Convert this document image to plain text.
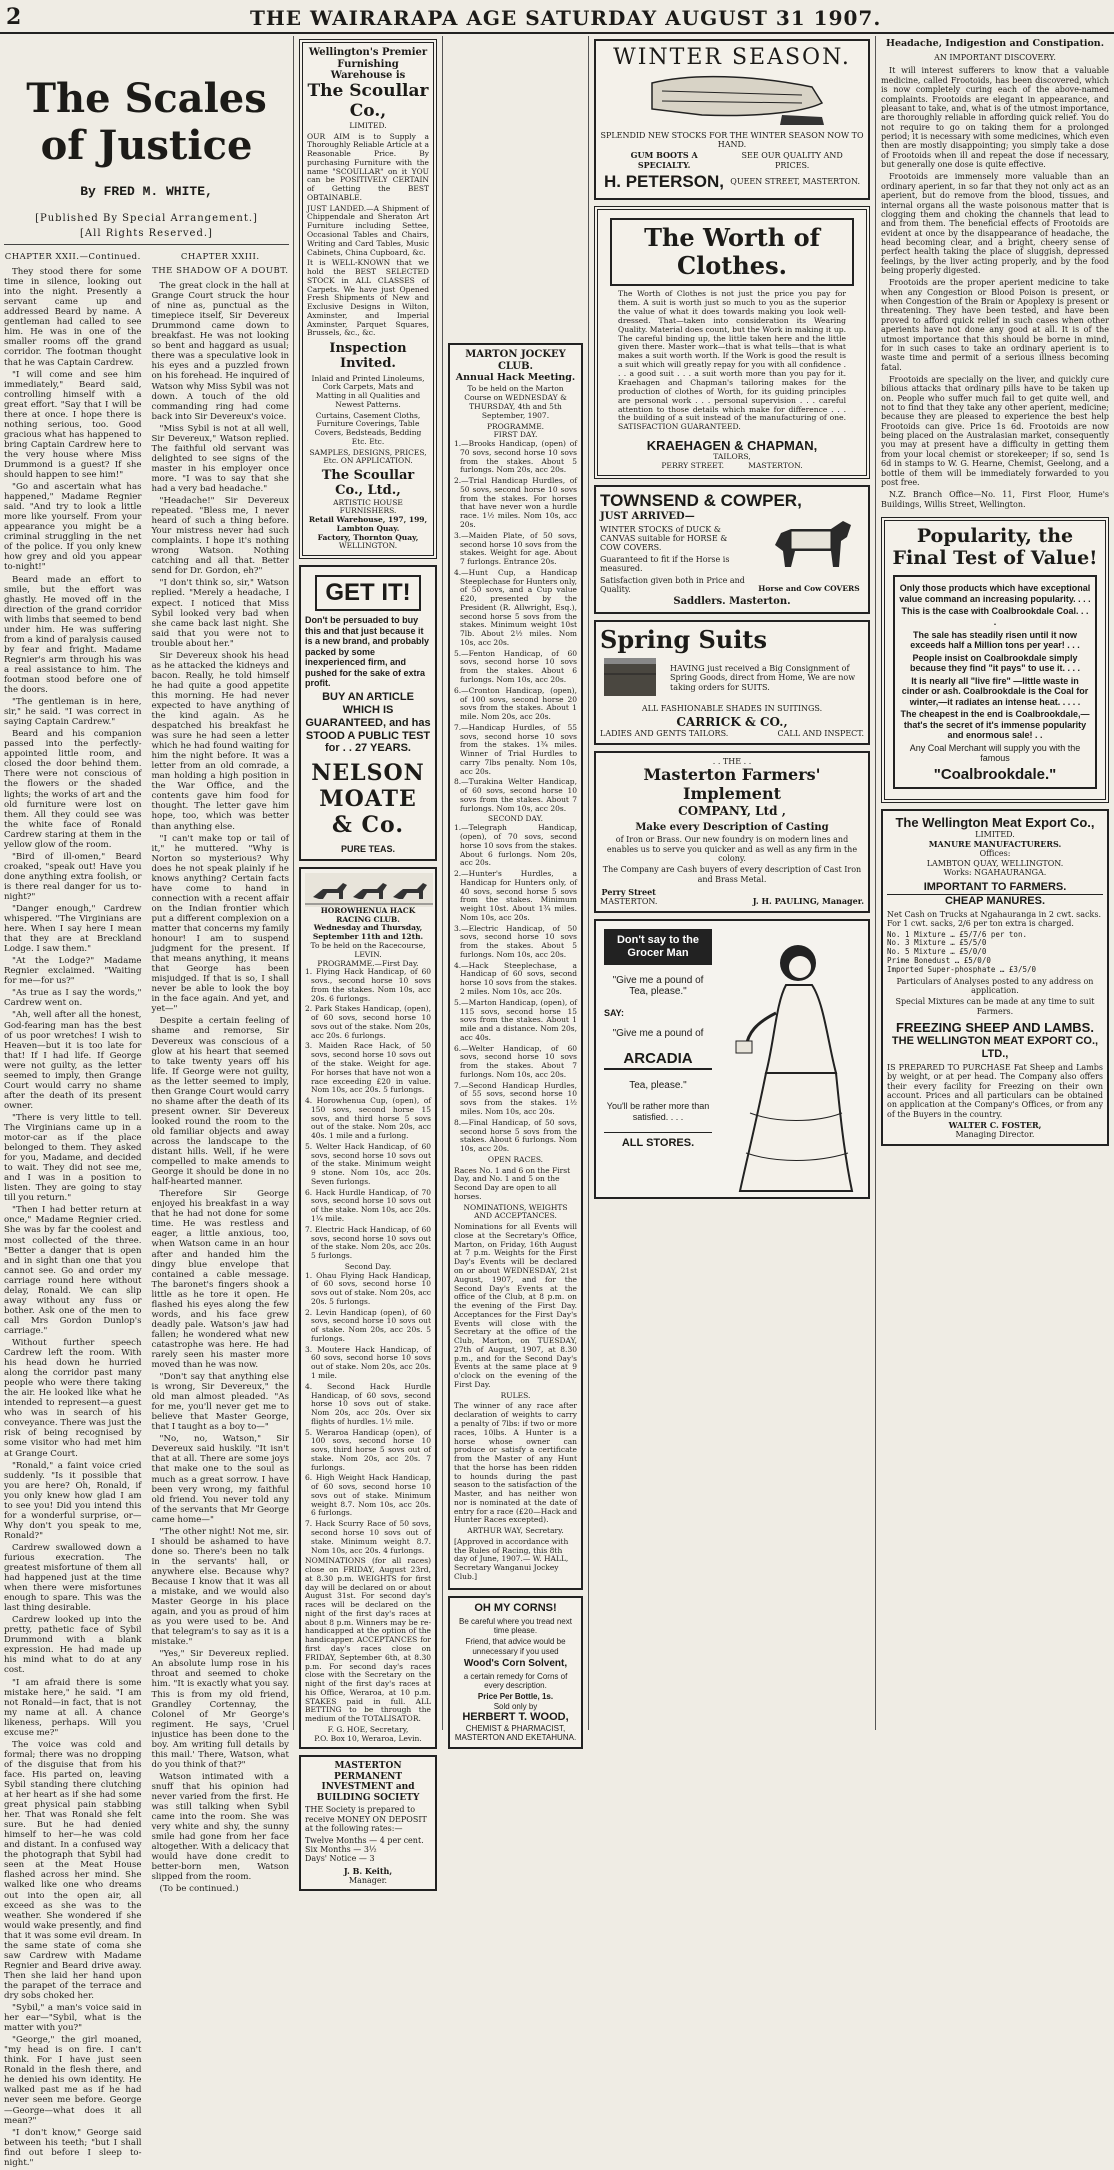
2	THE WAIRARAPA AGE SATURDAY AUGUST 31 1907.
The Scales of Justice
By FRED M. WHITE,
[Published By Special Arrangement.]
[All Rights Reserved.]
CHAPTER XXII.—Continued.

They stood there for some time in silence, looking out into the night. Presently a servant came up and addressed Beard by name. A gentleman had called to see him. He was in one of the smaller rooms off the grand corridor. The footman thought that he was Captain Cardrew.

"I will come and see him immediately," Beard said, controlling himself with a great effort. "Say that I will be there at once. I hope there is nothing serious, too. Good gracious what has happened to bring Captain Cardrew here to the very house where Miss Drummond is a guest? If she should happen to see him!"

"Go and ascertain what has happened," Madame Regnier said. "And try to look a little more like yourself. From your appearance you might be a criminal struggling in the net of the police. If you only knew how grey and old you appear to-night!"

Beard made an effort to smile, but the effort was ghastly. He moved off in the direction of the grand corridor with limbs that seemed to bend under him. He was suffering from a kind of paralysis caused by fear and fright. Madame Regnier's arm through his was a real assistance to him. The footman stood before one of the doors.

"The gentleman is in here, sir," he said. "I was correct in saying Captain Cardrew."

Beard and his companion passed into the perfectly-appointed little room, and closed the door behind them. There were not conscious of the flowers or the shaded lights; the works of art and the old furniture were lost on them. All they could see was the white face of Ronald Cardrew staring at them in the yellow glow of the room.

"Bird of ill-omen," Beard croaked, "speak out! Have you done anything extra foolish, or is there real danger for us to-night?"

"Danger enough," Cardrew whispered. "The Virginians are here. When I say here I mean that they are at Breckland Lodge. I saw them."

"At the Lodge?" Madame Regnier exclaimed. "Waiting for me—for us?"

"As true as I say the words," Cardrew went on.

"Ah, well after all the honest, God-fearing man has the best of us poor wretches! I wish to Heaven—but it is too late for that! If I had life. If George were not guilty, as the letter seemed to imply, then Grange Court would carry no shame after the death of its present owner.

"There is very little to tell. The Virginians came up in a motor-car as if the place belonged to them. They asked for you, Madame, and decided to wait. They did not see me, and I was in a position to listen. They are going to stay till you return."

"Then I had better return at once," Madame Regnier cried. She was by far the coolest and most collected of the three. "Better a danger that is open and in sight than one that you cannot see. Go and order my carriage round here without delay, Ronald. We can slip away without any fuss or bother. Ask one of the men to call Mrs Gordon Dunlop's carriage."

Without further speech Cardrew left the room. With his head down he hurried along the corridor past many people who were there taking the air. He looked like what he intended to represent—a guest who was in search of his conveyance. There was just the risk of being recognised by some visitor who had met him at Grange Court.

"Ronald," a faint voice cried suddenly. "Is it possible that you are here? Oh, Ronald, if you only knew how glad I am to see you! Did you intend this for a wonderful surprise, or—Why don't you speak to me, Ronald?"

Cardrew swallowed down a furious execration. The greatest misfortune of them all had happened just at the time when there were misfortunes enough to spare. This was the last thing desirable.

Cardrew looked up into the pretty, pathetic face of Sybil Drummond with a blank expression. He had made up his mind what to do at any cost.

"I am afraid there is some mistake here," he said. "I am not Ronald—in fact, that is not my name at all. A chance likeness, perhaps. Will you excuse me?"

The voice was cold and formal; there was no dropping of the disguise that from his face. His parted on, leaving Sybil standing there clutching at her heart as if she had some great physical pain stabbing her. That was Ronald she felt sure. But he had denied himself to her—he was cold and distant. In a confused way the photograph that Sybil had seen at the Meat House flashed across her mind. She walked like one who dreams out into the open air, all exceed as she was to the weather. She wondered if she would wake presently, and find that it was some evil dream. In the same state of coma she saw Cardrew with Madame Regnier and Beard drive away. Then she laid her hand upon the parapet of the terrace and dry sobs choked her.

"Sybil," a man's voice said in her ear—"Sybil, what is the matter with you?"

"George," the girl moaned, "my head is on fire. I can't think. For I have just seen Ronald in the flesh there, and he denied his own identity. He walked past me as if he had never seen me before. George —George—what does it all mean?"

"I don't know," George said between his teeth; "but I shall find out before I sleep to-night."

CHAPTER XXIII.
THE SHADOW OF A DOUBT.

The great clock in the hall at Grange Court struck the hour of nine as, punctual as the timepiece itself, Sir Devereux Drummond came down to breakfast. He was not looking so bent and haggard as usual; there was a speculative look in his eyes and a puzzled frown on his forehead. He inquired of Watson why Miss Sybil was not down. A touch of the old commanding ring had come back into Sir Devereux's voice.

"Miss Sybil is not at all well, Sir Devereux," Watson replied. The faithful old servant was delighted to see signs of the master in his employer once more. "I was to say that she had a very bad headache."

"Headache!" Sir Devereux repeated. "Bless me, I never heard of such a thing before. Your mistress never had such complaints. I hope it's nothing wrong Watson. Nothing catching and all that. Better send for Dr. Gordon, eh?"

"I don't think so, sir," Watson replied. "Merely a headache, I expect. I noticed that Miss Sybil looked very bad when she came back last night. She said that you were not to trouble about her."

Sir Devereux shook his head as he attacked the kidneys and bacon. Really, he told himself he had quite a good appetite this morning. He had never expected to have anything of the kind again. As he despatched his breakfast he was sure he had seen a letter which he had found waiting for him the night before. It was a letter from an old comrade, a man holding a high position in the War Office, and the contents gave him food for thought. The letter gave him hope, too, which was better than anything else.

"I can't make top or tail of it," he muttered. "Why is Norton so mysterious? Why does he not speak plainly if he knows anything? Certain facts have come to hand in connection with a recent affair on the Indian frontier which put a different complexion on a matter that concerns my family honour! I am to suspend judgment for the present. If that means anything, it means that George has been misjudged. If that is so, I shall never be able to look the boy in the face again. And yet, and yet—"

Despite a certain feeling of shame and remorse, Sir Devereux was conscious of a glow at his heart that seemed to take twenty years off his life. If George were not guilty, as the letter seemed to imply, then Grange Court would carry no shame after the death of its present owner. Sir Devereux looked round the room to the old familiar objects and away across the landscape to the distant hills. Well, if he were compelled to make amends to George it should be done in no half-hearted manner.

Therefore Sir George enjoyed his breakfast in a way that he had not done for some time. He was restless and eager, a little anxious, too, when Watson came in an hour after and handed him the dingy blue envelope that contained a cable message. The baronet's fingers shook a little as he tore it open. He flashed his eyes along the few words, and his face grew deadly pale. Watson's jaw had fallen; he wondered what new catastrophe was here. He had rarely seen his master more moved than he was now.

"Don't say that anything else is wrong, Sir Devereux," the old man almost pleaded. "As for me, you'll never get me to believe that Master George, that I taught as a boy to—"

"No, no, Watson," Sir Devereux said huskily. "It isn't that at all. There are some joys that make one to the soul as much as a great sorrow. I have been very wrong, my faithful old friend. You never told any of the servants that Mr George came home—"

"The other night! Not me, sir. I should be ashamed to have done so. There's been no talk in the servants' hall, or anywhere else. Because why? Because I know that it was all a mistake, and we would also Master George in his place again, and you as proud of him as you were used to be. And that telegram's to say as it is a mistake."

"Yes," Sir Devereux replied. An absolute lump rose in his throat and seemed to choke him. "It is exactly what you say. This is from my old friend, Grandley Cortennay, the Colonel of Mr George's regiment. He says, 'Cruel injustice has been done to the boy. Am writing full details by this mail.' There, Watson, what do you think of that?"

Watson intimated with a snuff that his opinion had never varied from the first. He was still talking when Sybil came into the room. She was very white and shy, the sunny smile had gone from her face altogether. With a delicacy that would have done credit to better-born men, Watson slipped from the room.

(To be continued.)

Wellington's Premier Furnishing Warehouse is
The Scoullar Co.,
LIMITED.

OUR AIM is to Supply a Thoroughly Reliable Article at a Reasonable Price. By purchasing Furniture with the name "SCOULLAR" on it YOU can be POSITIVELY CERTAIN of Getting the BEST OBTAINABLE.

JUST LANDED.—A Shipment of Chippendale and Sheraton Art Furniture including Settee, Occasional Tables and Chairs, Writing and Card Tables, Music Cabinets, China Cupboard, &c.

It is WELL-KNOWN that we hold the BEST SELECTED STOCK in ALL CLASSES of Carpets. We have just Opened Fresh Shipments of New and Exclusive Designs in Wilton, Axminster, and Imperial Axminster, Parquet Squares, Brussels, &c., &c.

Inspection Invited.

Inlaid and Printed Linoleums, Cork Carpets, Mats and Matting in all Qualities and Newest Patterns.

Curtains, Casement Cloths, Furniture Coverings, Table Covers, Bedsteads, Bedding Etc. Etc.

SAMPLES, DESIGNS, PRICES, Etc. ON APPLICATION.

The Scoullar Co., Ltd.,
ARTISTIC HOUSE FURNISHERS.
Retail Warehouse, 197, 199, Lambton Quay.
Factory, Thornton Quay,
WELLINGTON.
GET IT!

Don't be persuaded to buy this and that just because it is a new brand, and probably packed by some inexperienced firm, and pushed for the sake of extra profit.

BUY AN ARTICLE WHICH IS GUARANTEED, and has STOOD A PUBLIC TEST for . . 27 YEARS.

NELSON MOATE & Co.
PURE TEAS.
HOROWHENUA HACK RACING CLUB.
Wednesday and Thursday, September 11th and 12th.
To be held on the Racecourse, LEVIN.
PROGRAMME.—First Day.

1. Flying Hack Handicap, of 60 sovs., second horse 10 sovs from the stakes. Nom 10s, acc 20s. 6 furlongs.

2. Park Stakes Handicap, (open), of 60 sovs, second horse 10 sovs out of the stake. Nom 20s, acc 20s. 6 furlongs.

3. Maiden Race Hack, of 50 sovs, second horse 10 sovs out of the stake. Weight for age. For horses that have not won a race exceeding £20 in value. Nom 10s, acc 20s. 5 furlongs.

4. Horowhenua Cup, (open), of 150 sovs, second horse 15 sovs, and third horse 5 sovs out of the stake. Nom 20s, acc 40s. 1 mile and a furlong.

5. Welter Hack Handicap, of 60 sovs, second horse 10 sovs out of the stake. Minimum weight 9 stone. Nom 10s, acc 20s. Seven furlongs.

6. Hack Hurdle Handicap, of 70 sovs, second horse 10 sovs out of the stake. Nom 10s, acc 20s. 1¼ mile.

7. Electric Hack Handicap, of 60 sovs, second horse 10 sovs out of the stake. Nom 20s, acc 20s. 5 furlongs.

Second Day.

1. Ohau Flying Hack Handicap, of 60 sovs, second horse 10 sovs out of stake. Nom 20s, acc 20s. 5 furlongs.

2. Levin Handicap (open), of 60 sovs, second horse 10 sovs out of stake. Nom 20s, acc 20s. 5 furlongs.

3. Moutere Hack Handicap, of 60 sovs, second horse 10 sovs out of stake. Nom 20s, acc 20s. 1 mile.

4. Second Hack Hurdle Handicap, of 60 sovs, second horse 10 sovs out of stake. Nom 20s, acc 20s. Over six flights of hurdles. 1½ mile.

5. Weraroa Handicap (open), of 100 sovs, second horse 10 sovs, third horse 5 sovs out of stake. Nom 20s, acc 20s. 7 furlongs.

6. High Weight Hack Handicap, of 60 sovs, second horse 10 sovs out of stake. Minimum weight 8.7. Nom 10s, acc 20s. 6 furlongs.

7. Hack Scurry Race of 50 sovs, second horse 10 sovs out of stake. Minimum weight 8.7. Nom 10s, acc 20s. 4 furlongs.

NOMINATIONS (for all races) close on FRIDAY, August 23rd, at 8.30 p.m. WEIGHTS for first day will be declared on or about August 31st. For second day's races will be declared on the night of the first day's races at about 8 p.m. Winners may be re-handicapped at the option of the handicapper. ACCEPTANCES for first day's races close on FRIDAY, September 6th, at 8.30 p.m. For second day's races close with the Secretary on the night of the first day's races at his Office, Weraroa, at 10 p.m. STAKES paid in full. ALL BETTING to be through the medium of the TOTALISATOR.

F. G. HOE, Secretary,
P.O. Box 10, Weraroa, Levin.
MASTERTON PERMANENT INVESTMENT and BUILDING SOCIETY

THE Society is prepared to receive MONEY ON DEPOSIT at the following rates:—

Twelve Months — 4 per cent.
Six Months — 3½
Days' Notice — 3
J. B. Keith,
Manager.
MARTON JOCKEY CLUB.
Annual Hack Meeting.

To be held on the Marton Course on WEDNESDAY & THURSDAY, 4th and 5th September, 1907.

PROGRAMME.
FIRST DAY.

1.—Brooks Handicap, (open) of 70 sovs, second horse 10 sovs from the stakes. About 5 furlongs. Nom 20s, acc 20s.

2.—Trial Handicap Hurdles, of 50 sovs, second horse 10 sovs from the stakes. For horses that have never won a hurdle race. 1½ miles. Nom 10s, acc 20s.

3.—Maiden Plate, of 50 sovs, second horse 10 sovs from the stakes. Weight for age. About 7 furlongs. Entrance 20s.

4.—Hunt Cup, a Handicap Steeplechase for Hunters only, of 50 sovs, and a Cup value £20, presented by the President (R. Allwright, Esq.), second horse 5 sovs from the stakes. Minimum weight 10st 7lb. About 2½ miles. Nom 10s, acc 20s.

5.—Fenton Handicap, of 60 sovs, second horse 10 sovs from the stakes. About 6 furlongs. Nom 10s, acc 20s.

6.—Cronton Handicap, (open), of 100 sovs, second horse 20 sovs from the stakes. About 1 mile. Nom 20s, acc 20s.

7.—Handicap Hurdles, of 55 sovs, second horse 10 sovs from the stakes. 1¾ miles. Winner of Trial Hurdles to carry 7lbs penalty. Nom 10s, acc 20s.

8.—Turakina Welter Handicap, of 60 sovs, second horse 10 sovs from the stakes. About 7 furlongs. Nom 10s, acc 20s.

SECOND DAY.

1.—Telegraph Handicap, (open), of 70 sovs, second horse 10 sovs from the stakes. About 6 furlongs. Nom 20s, acc 20s.

2.—Hunter's Hurdles, a Handicap for Hunters only, of 40 sovs, second horse 5 sovs from the stakes. Minimum weight 10st. About 1¾ miles. Nom 10s, acc 20s.

3.—Electric Handicap, of 50 sovs, second horse 10 sovs from the stakes. About 5 furlongs. Nom 10s, acc 20s.

4.—Hack Steeplechase, a Handicap of 60 sovs, second horse 10 sovs from the stakes. 2 miles. Nom 10s, acc 20s.

5.—Marton Handicap, (open), of 115 sovs, second horse 15 sovs from the stakes. About 1 mile and a distance. Nom 20s, acc 40s.

6.—Welter Handicap, of 60 sovs, second horse 10 sovs from the stakes. About 7 furlongs. Nom 10s, acc 20s.

7.—Second Handicap Hurdles, of 55 sovs, second horse 10 sovs from the stakes. 1½ miles. Nom 10s, acc 20s.

8.—Final Handicap, of 50 sovs, second horse 5 sovs from the stakes. About 6 furlongs. Nom 10s, acc 20s.

OPEN RACES.

Races No. 1 and 6 on the First Day, and No. 1 and 5 on the Second Day are open to all horses.

NOMINATIONS, WEIGHTS AND ACCEPTANCES.

Nominations for all Events will close at the Secretary's Office, Marton, on Friday, 16th August at 7 p.m. Weights for the First Day's Events will be declared on or about WEDNESDAY, 21st August, 1907, and for the Second Day's Events at the office of the Club, at 8 p.m. on the evening of the First Day. Acceptances for the First Day's Events will close with the Secretary at the office of the Club, Marton, on TUESDAY, 27th of August, 1907, at 8.30 p.m., and for the Second Day's Events at the same place at 9 o'clock on the evening of the First Day.

RULES.

The winner of any race after declaration of weights to carry a penalty of 7lbs: if two or more races, 10lbs. A Hunter is a horse whose owner can produce or satisfy a certificate from the Master of any Hunt that the horse has been ridden to hounds during the past season to the satisfaction of the Master, and has neither won nor is nominated at the date of entry for a race (£20—Hack and Hunter Races excepted).

ARTHUR WAY, Secretary.

[Approved in accordance with the Rules of Racing, this 8th day of June, 1907.— W. HALL, Secretary Wanganui Jockey Club.]

OH MY CORNS!

Be careful where you tread next time please.

Friend, that advice would be unnecessary if you used

Wood's Corn Solvent,

a certain remedy for Corns of every description.

Price Per Bottle, 1s.
Sold only by
HERBERT T. WOOD,
CHEMIST & PHARMACIST,
MASTERTON AND EKETAHUNA.
WINTER SEASON.

SPLENDID NEW STOCKS FOR THE WINTER SEASON NOW TO HAND.

GUM BOOTS A SPECIALTY.
SEE OUR QUALITY AND PRICES.
H. PETERSON, QUEEN STREET, MASTERTON.
The Worth of Clothes.

The Worth of Clothes is not just the price you pay for them. A suit is worth just so much to you as the superior the value of what it does towards making you look well-dressed. That—taken into consideration its Wearing Quality. Material does count, but the Work in making it up. The careful binding up, the little taken here and the little given there. Master work—that is what tells—that is what makes a suit worth worth. If the Work is good the result is a suit which will greatly repay for you with all confidence . . . a good suit . . . a suit worth more than you pay for it. Kraehagen and Chapman's tailoring makes for the production of clothes of Worth, for its guiding principles are personal work . . . personal supervision . . . careful attention to those details which make for difference . . . the building of a suit instead of the manufacturing of one. SATISFACTION GUARANTEED.

KRAEHAGEN & CHAPMAN,
TAILORS,
PERRY STREET.          MASTERTON.
TOWNSEND & COWPER,
JUST ARRIVED—

WINTER STOCKS of DUCK & CANVAS suitable for HORSE & COW COVERS.

Guaranteed to fit if the Horse is measured.

Satisfaction given both in Price and Quality.	Horse and Cow COVERS
Saddlers. Masterton.
Spring Suits

HAVING just received a Big Consignment of Spring Goods, direct from Home, We are now taking orders for SUITS.

ALL FASHIONABLE SHADES IN SUITINGS.

CARRICK & CO.,
LADIES AND GENTS TAILORS.	CALL AND INSPECT.
. . THE . .
Masterton Farmers' Implement
COMPANY, Ltd ,
Make every Description of Casting

of Iron or Brass. Our new foundry is on modern lines and enables us to serve you quicker and as well as any firm in the colony.

The Company are Cash buyers of every description of Cast Iron and Brass Metal.

Perry Street
MASTERTON.	J. H. PAULING, Manager.
Don't say to the Grocer Man

"Give me a pound of Tea, please."

SAY:

"Give me a pound of

ARCADIA

Tea, please."

You'll be rather more than satisfied. . . .

ALL STORES.
Headache, Indigestion and Constipation.
AN IMPORTANT DISCOVERY.

It will interest sufferers to know that a valuable medicine, called Frootoids, has been discovered, which is now completely curing each of the above-named complaints. Frootoids are elegant in appearance, and pleasant to take, and, what is of the utmost importance, are thoroughly reliable in affording quick relief. You do not require to go on taking them for a prolonged period; it is necessary with some medicines, which even then are mostly disappointing; you simply take a dose of Frootoids when ill and repeat the dose if necessary, but generally one dose is quite effective.

Frootoids are immensely more valuable than an ordinary aperient, in so far that they not only act as an aperient, but do remove from the blood, tissues, and internal organs all the waste poisonous matter that is clogging them and choking the channels that lead to and from them. The beneficial effects of Frootoids are evident at once by the disappearance of headache, the head becoming clear, and a bright, cheery sense of perfect health taking the place of sluggish, depressed feelings, by the liver acting properly, and by the food being properly digested.

Frootoids are the proper aperient medicine to take when any Congestion or Blood Poison is present, or when Congestion of the Brain or Apoplexy is present or threatening. They have been tested, and have been proved to afford quick relief in such cases when other aperients have not done any good at all. It is of the utmost importance that this should be borne in mind, for in such cases to take an ordinary aperient is to waste time and permit of a serious illness becoming fatal.

Frootoids are specially on the liver, and quickly cure bilious attacks that ordinary pills have to be taken up on. People who suffer much fail to get quite well, and not to find that they take any other aperient, medicine; because they are pleased to experience the best help Frootoids can give. Price 1s 6d. Frootoids are now being placed on the Australasian market, consequently you may at present have a difficulty in getting them from your local chemist or storekeeper; if so, send 1s 6d in stamps to W. G. Hearne, Chemist, Geelong, and a bottle of them will be immediately forwarded to you post free.

N.Z. Branch Office—No. 11, First Floor, Hume's Buildings, Willis Street, Wellington.

Popularity, the Final Test of Value!

Only those products which have exceptional value command an increasing popularity. . . .

This is the case with Coalbrookdale Coal. . . .

The sale has steadily risen until it now exceeds half a Million tons per year! . . .

People insist on Coalbrookdale simply because they find "it pays" to use it. . . .

It is nearly all "live fire" —little waste in cinder or ash. Coalbrookdale is the Coal for winter,—it radiates an intense heat. . . . .

The cheapest in the end is Coalbrookdale,—that's the secret of it's immense popularity and enormous sale! . .

Any Coal Merchant will supply you with the famous

"Coalbrookdale."
The Wellington Meat Export Co.,
LIMITED.
MANURE MANUFACTURERS.
Offices:
LAMBTON QUAY, WELLINGTON.
Works: NGAHAURANGA.
IMPORTANT TO FARMERS.
CHEAP MANURES.

Net Cash on Trucks at Ngahauranga in 2 cwt. sacks. For 1 cwt. sacks, 2/6 per ton extra is charged.

No. 1 Mixture … £5/7/6 per ton.
No. 3 Mixture … £5/5/0
No. 5 Mixture … £5/0/0
Prime Bonedust … £5/0/0
Imported Super-phosphate … £3/5/0

Particulars of Analyses posted to any address on application.

Special Mixtures can be made at any time to suit Farmers.

FREEZING SHEEP AND LAMBS.
THE WELLINGTON MEAT EXPORT CO., LTD.,

IS PREPARED TO PURCHASE Fat Sheep and Lambs by weight, or at per head. The Company also offers their every facility for Freezing on their own account. Prices and all particulars can be obtained on application at the Company's Offices, or from any of the Buyers in the country.

WALTER C. FOSTER,
Managing Director.
